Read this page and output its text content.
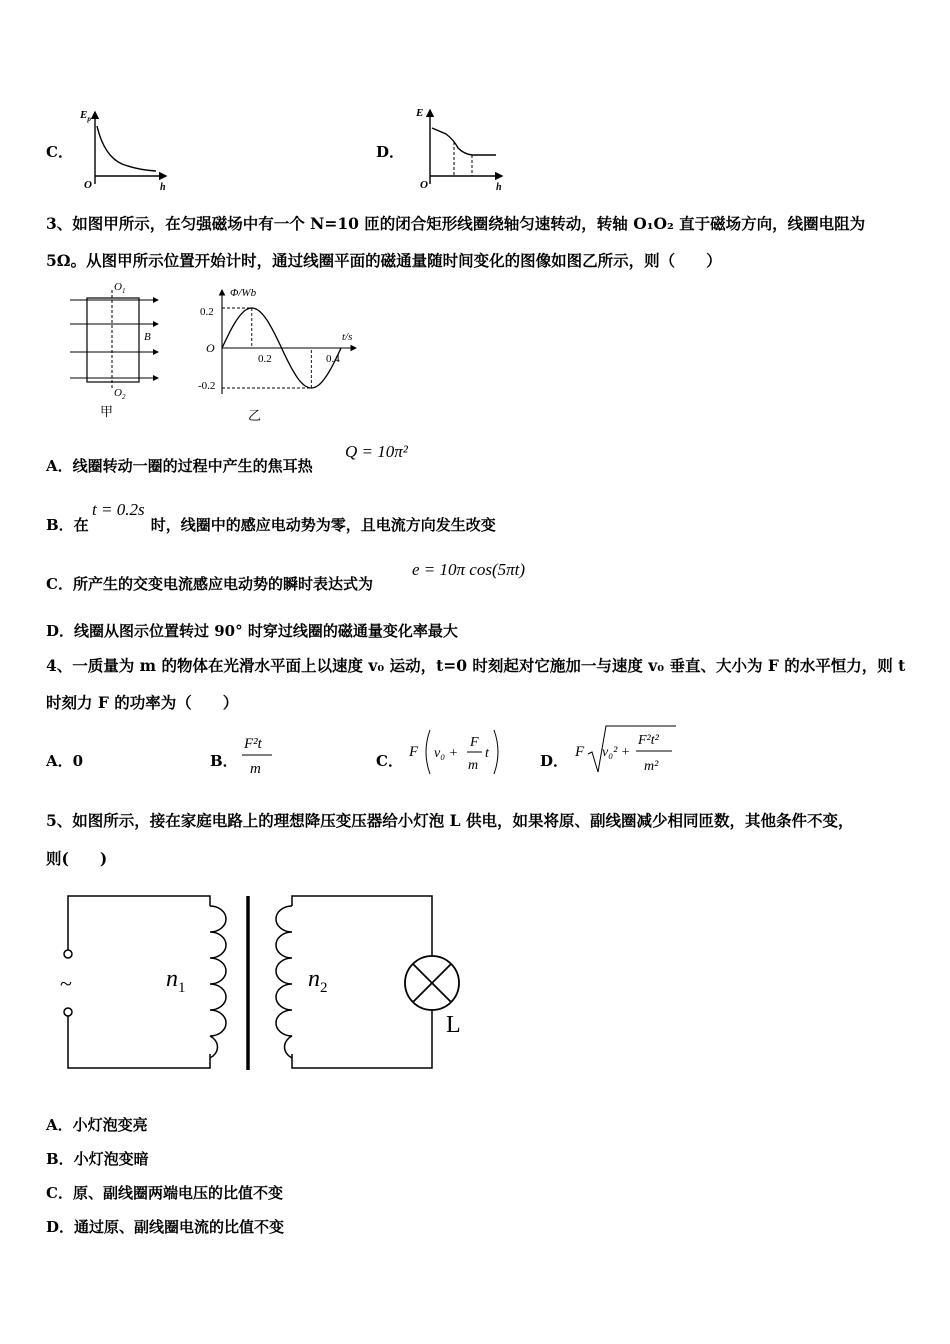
C．
$E_p$
O	h
D．
E
O	h
3、如图甲所示，在匀强磁场中有一个 N=10 匝的闭合矩形线圈绕轴匀速转动，转轴 O₁O₂ 直于磁场方向，线圈电阻为
5Ω。从图甲所示位置开始计时，通过线圈平面的磁通量随时间变化的图像如图乙所示，则（　　）
$O_1$
$O_2$
B
甲
Φ/Wb
t/s
O
0.2
-0.2
0.2	0.4
乙
A．线圈转动一圈的过程中产生的焦耳热
Q = 10π²
B．在	时，线圈中的感应电动势为零，且电流方向发生改变
t = 0.2s
C．所产生的交变电流感应电动势的瞬时表达式为
e = 10π cos(5πt)
D．线圈从图示位置转过 90° 时穿过线圈的磁通量变化率最大
4、一质量为 m 的物体在光滑水平面上以速度 v₀ 运动，t=0 时刻起对它施加一与速度 v₀ 垂直、大小为 F 的水平恒力，则 t
时刻力 F 的功率为（　　）
A．0	B．
F²t
m	C． F v₀ +
F
m
t	D． F v₀² +
F²t²
m²
5、如图所示，接在家庭电路上的理想降压变压器给小灯泡 L 供电，如果将原、副线圈减少相同匝数，其他条件不变，
则(　　)
~	$n_1$	$n_2$
L
A．小灯泡变亮
B．小灯泡变暗
C．原、副线圈两端电压的比值不变
D．通过原、副线圈电流的比值不变
